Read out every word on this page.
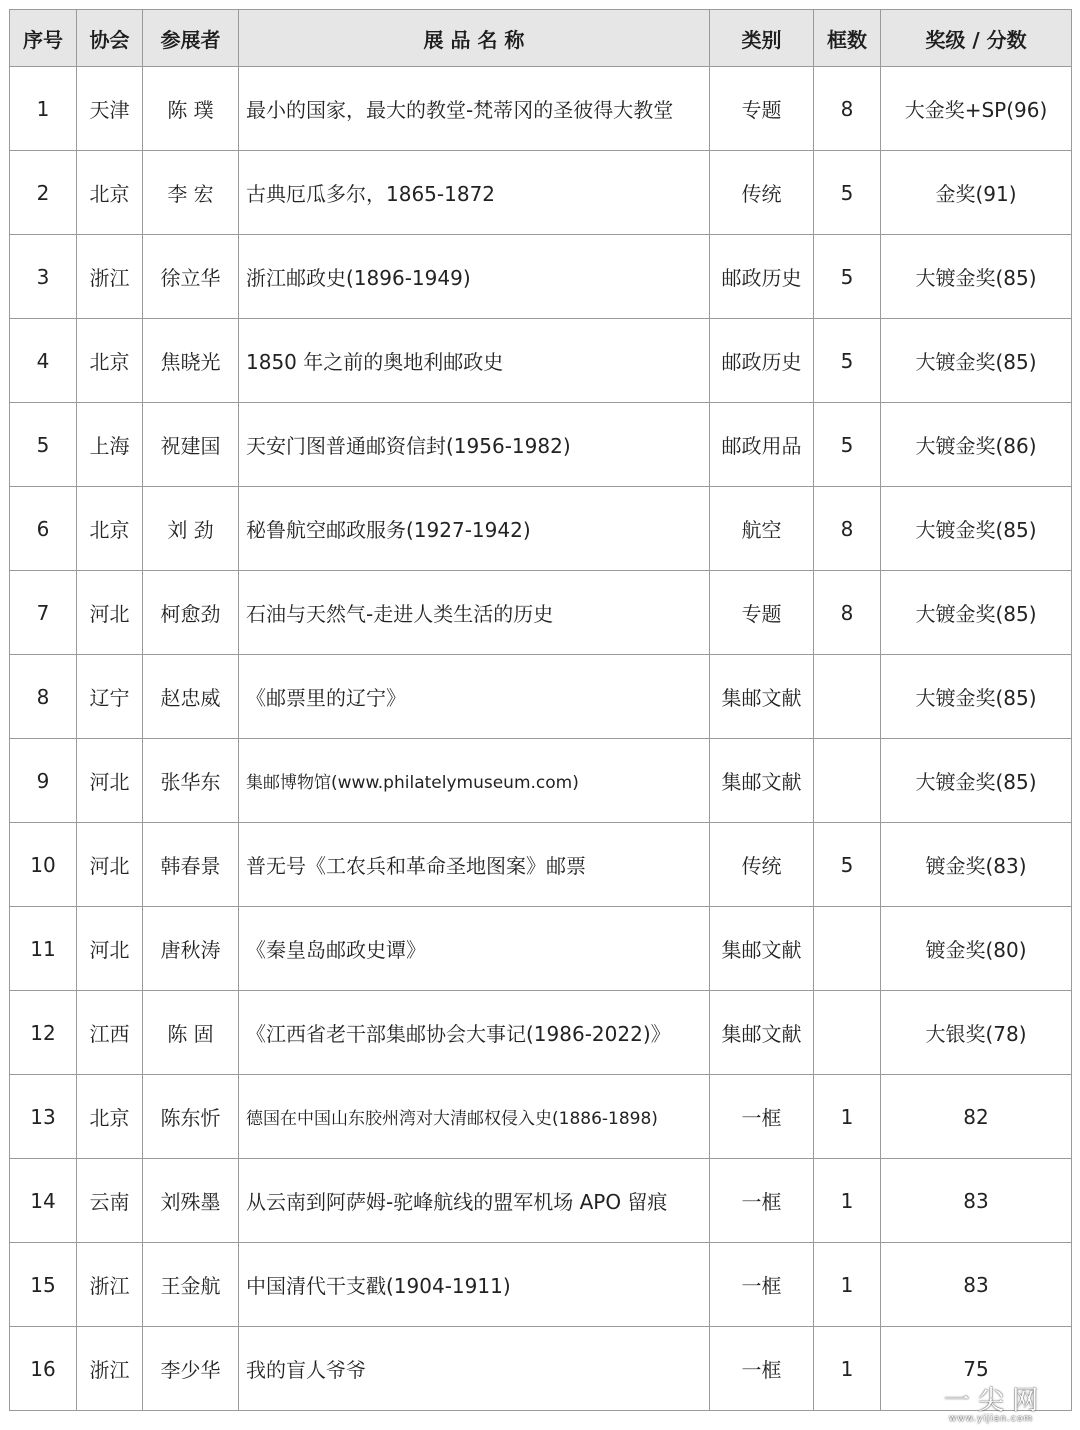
序号	协会	参展者	展 品 名 称	类别	框数	奖级 / 分数
1	天津	陈 璞	最小的国家，最大的教堂-梵蒂冈的圣彼得大教堂	专题	8	大金奖+SP(96)
2	北京	李 宏	古典厄瓜多尔，1865-1872	传统	5	金奖(91)
3	浙江	徐立华	浙江邮政史(1896-1949)	邮政历史	5	大镀金奖(85)
4	北京	焦晓光	1850 年之前的奥地利邮政史	邮政历史	5	大镀金奖(85)
5	上海	祝建国	天安门图普通邮资信封(1956-1982)	邮政用品	5	大镀金奖(86)
6	北京	刘 劲	秘鲁航空邮政服务(1927-1942)	航空	8	大镀金奖(85)
7	河北	柯愈劲	石油与天然气-走进人类生活的历史	专题	8	大镀金奖(85)
8	辽宁	赵忠威	《邮票里的辽宁》	集邮文献		大镀金奖(85)
9	河北	张华东	集邮博物馆(www.philatelymuseum.com)	集邮文献		大镀金奖(85)
10	河北	韩春景	普无号《工农兵和革命圣地图案》邮票	传统	5	镀金奖(83)
11	河北	唐秋涛	《秦皇岛邮政史谭》	集邮文献		镀金奖(80)
12	江西	陈 固	《江西省老干部集邮协会大事记(1986-2022)》	集邮文献		大银奖(78)
13	北京	陈东忻	德国在中国山东胶州湾对大清邮权侵入史(1886-1898)	一框	1	82
14	云南	刘殊墨	从云南到阿萨姆-驼峰航线的盟军机场 APO 留痕	一框	1	83
15	浙江	王金航	中国清代干支戳(1904-1911)	一框	1	83
16	浙江	李少华	我的盲人爷爷	一框	1	75
一 尖 网
www.yijian.com
